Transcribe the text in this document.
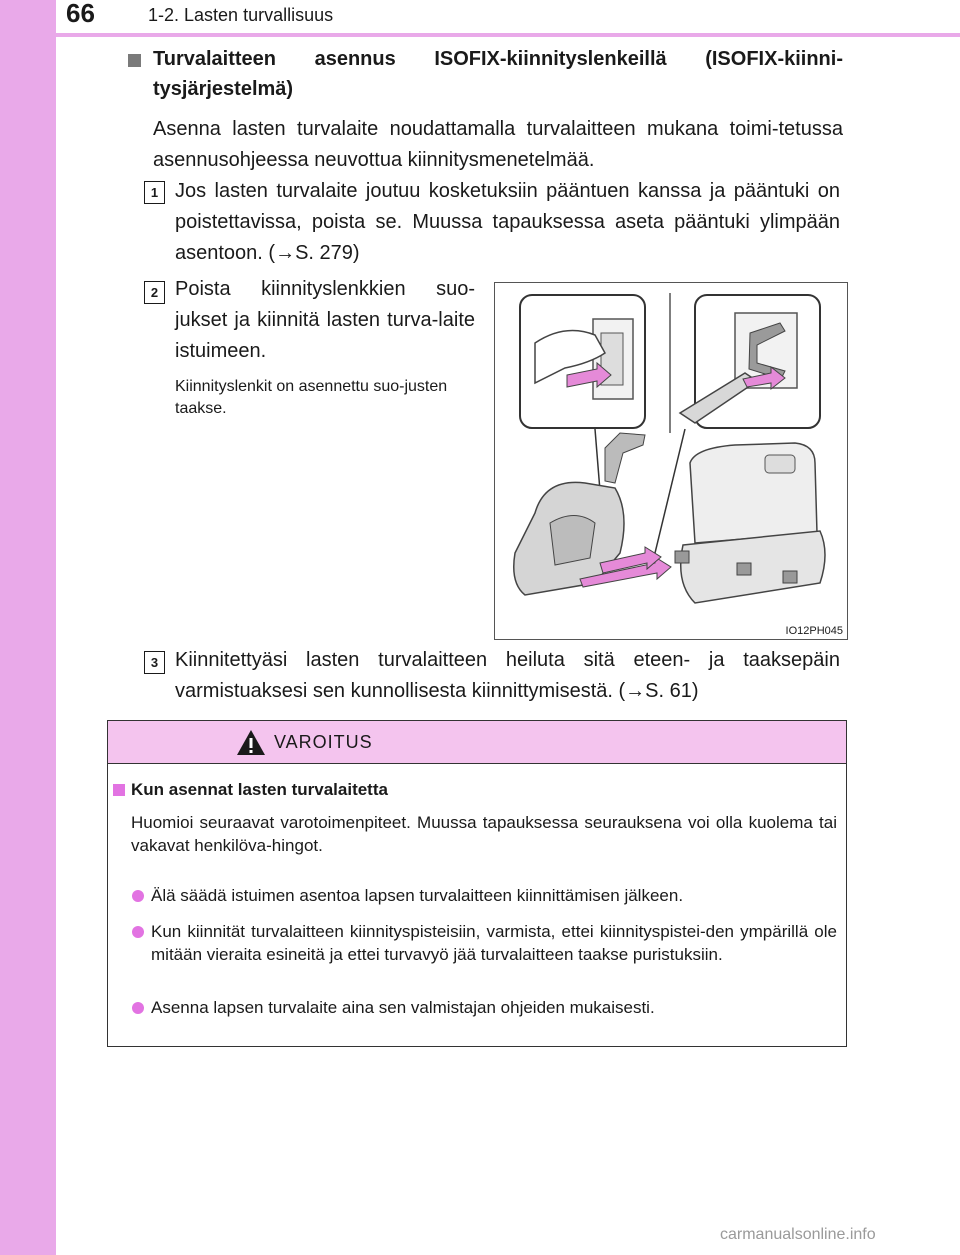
66	1-2. Lasten turvallisuus
Turvalaitteen asennus ISOFIX-kiinnityslenkeillä (ISOFIX-kiinni-tysjärjestelmä)
Asenna lasten turvalaite noudattamalla turvalaitteen mukana toimi-tetussa asennusohjeessa neuvottua kiinnitysmenetelmää.
1 Jos lasten turvalaite joutuu kosketuksiin pääntuen kanssa ja pääntuki on poistettavissa, poista se. Muussa tapauksessa aseta pääntuki ylimpään asentoon. (→S. 279)
2 Poista kiinnityslenkkien suo-jukset ja kiinnitä lasten turva-laite istuimeen.
Kiinnityslenkit on asennettu suo-justen taakse.
IO12PH045
3 Kiinnitettyäsi lasten turvalaitteen heiluta sitä eteen- ja taaksepäin varmistuaksesi sen kunnollisesta kiinnittymisestä. (→S. 61)
VAROITUS
Kun asennat lasten turvalaitetta
Huomioi seuraavat varotoimenpiteet. Muussa tapauksessa seurauksena voi olla kuolema tai vakavat henkilöva-hingot.
Älä säädä istuimen asentoa lapsen turvalaitteen kiinnittämisen jälkeen.
Kun kiinnität turvalaitteen kiinnityspisteisiin, varmista, ettei kiinnityspistei-den ympärillä ole mitään vieraita esineitä ja ettei turvavyö jää turvalaitteen taakse puristuksiin.
Asenna lapsen turvalaite aina sen valmistajan ohjeiden mukaisesti.
carmanualsonline.info
